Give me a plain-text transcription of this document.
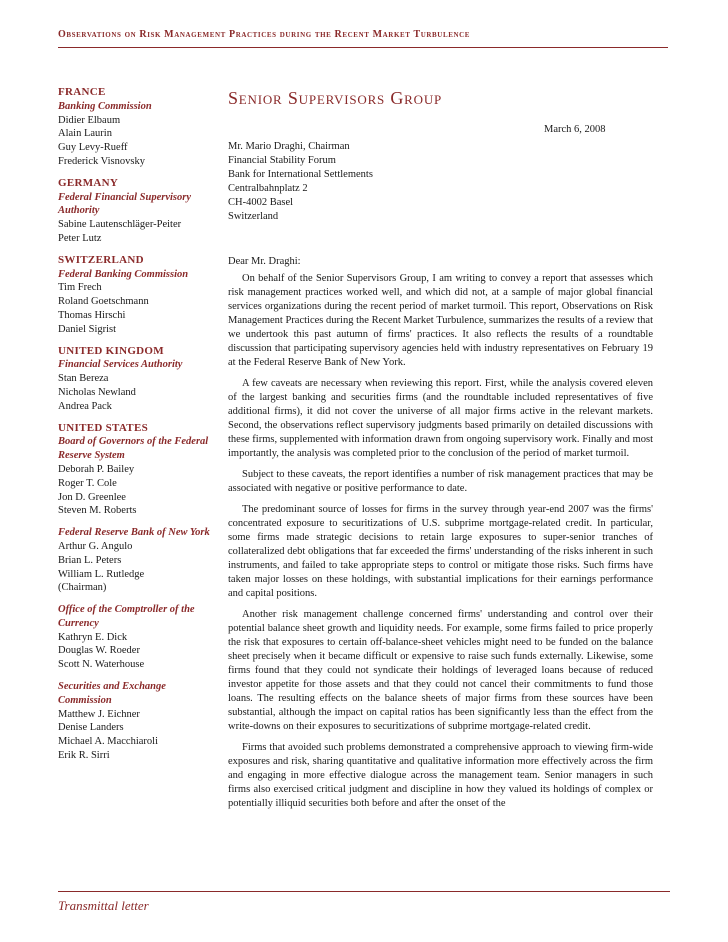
Observations on Risk Management Practices during the Recent Market Turbulence
FRANCE
Banking Commission
Didier Elbaum
Alain Laurin
Guy Levy-Rueff
Frederick Visnovsky
GERMANY
Federal Financial Supervisory Authority
Sabine Lautenschläger-Peiter
Peter Lutz
SWITZERLAND
Federal Banking Commission
Tim Frech
Roland Goetschmann
Thomas Hirschi
Daniel Sigrist
UNITED KINGDOM
Financial Services Authority
Stan Bereza
Nicholas Newland
Andrea Pack
UNITED STATES
Board of Governors of the Federal Reserve System
Deborah P. Bailey
Roger T. Cole
Jon D. Greenlee
Steven M. Roberts
Federal Reserve Bank of New York
Arthur G. Angulo
Brian L. Peters
William L. Rutledge
(Chairman)
Office of the Comptroller of the Currency
Kathryn E. Dick
Douglas W. Roeder
Scott N. Waterhouse
Securities and Exchange Commission
Matthew J. Eichner
Denise Landers
Michael A. Macchiaroli
Erik R. Sirri
Senior Supervisors Group
March 6, 2008
Mr. Mario Draghi, Chairman
Financial Stability Forum
Bank for International Settlements
Centralbahnplatz 2
CH-4002 Basel
Switzerland
Dear Mr. Draghi:

On behalf of the Senior Supervisors Group, I am writing to convey a report that assesses which risk management practices worked well, and which did not, at a sample of major global financial services organizations during the recent period of market turmoil. This report, Observations on Risk Management Practices during the Recent Market Turbulence, summarizes the results of a review that we undertook this past autumn of firms' practices. It also reflects the results of a roundtable discussion that participating supervisory agencies held with industry representatives on February 19 at the Federal Reserve Bank of New York.

A few caveats are necessary when reviewing this report. First, while the analysis covered eleven of the largest banking and securities firms (and the roundtable included representatives of five additional firms), it did not cover the universe of all major firms active in the relevant markets. Second, the observations reflect supervisory judgments based primarily on detailed discussions with these firms, supplemented with information drawn from ongoing supervisory work. Finally and most importantly, the analysis was completed prior to the conclusion of the period of market turmoil.

Subject to these caveats, the report identifies a number of risk management practices that may be associated with negative or positive performance to date.

The predominant source of losses for firms in the survey through year-end 2007 was the firms' concentrated exposure to securitizations of U.S. subprime mortgage-related credit. In particular, some firms made strategic decisions to retain large exposures to super-senior tranches of collateralized debt obligations that far exceeded the firms' understanding of the risks inherent in such instruments, and failed to take appropriate steps to control or mitigate those risks. Such firms have taken major losses on these holdings, with substantial implications for their earnings performance and capital positions.

Another risk management challenge concerned firms' understanding and control over their potential balance sheet growth and liquidity needs. For example, some firms failed to price properly the risk that exposures to certain off-balance-sheet vehicles might need to be funded on the balance sheet precisely when it became difficult or expensive to raise such funds externally. Likewise, some firms found that they could not syndicate their holdings of leveraged loans because of reduced investor appetite for those assets and that they could not cancel their commitments to fund those loans. The resulting effects on the balance sheets of major firms from these sources have been substantial, although the impact on capital ratios has been significantly less than the effect from the write-downs on their exposures to securitizations of subprime mortgage-related credit.

Firms that avoided such problems demonstrated a comprehensive approach to viewing firm-wide exposures and risk, sharing quantitative and qualitative information more effectively across the firm and engaging in more effective dialogue across the management team. Senior managers in such firms also exercised critical judgment and discipline in how they valued its holdings of complex or potentially illiquid securities both before and after the onset of the

Transmittal letter
